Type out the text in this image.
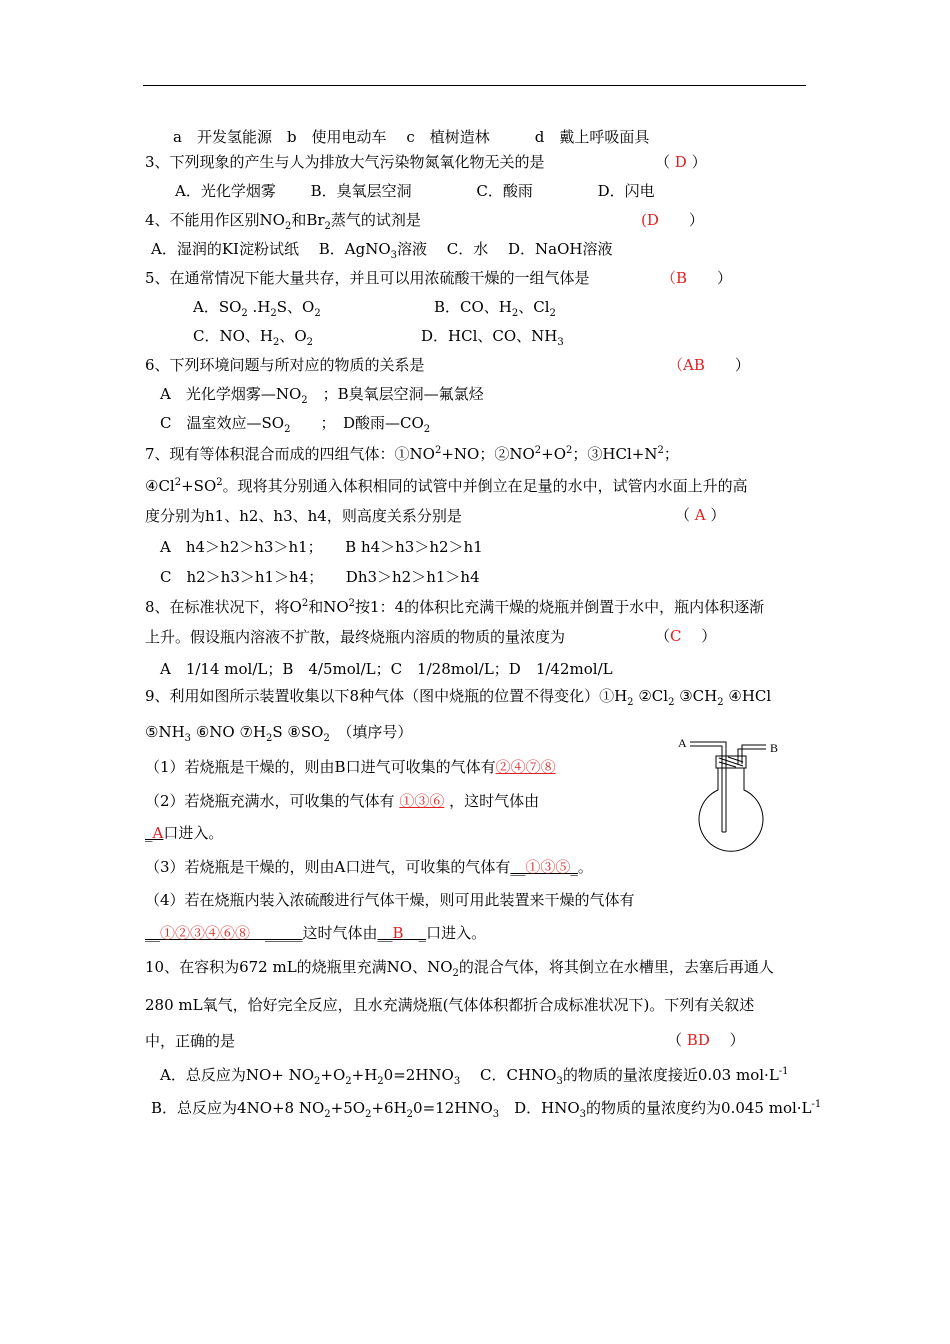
a　开发氢能源　b　使用电动车　 c　植树造林　　　d　戴上呼吸面具
3、下列现象的产生与人为排放大气污染物氮氧化物无关的是	（ D ）
A．光化学烟雾　　 B．臭氧层空洞　　　　 C．酸雨　　　　 D．闪电
4、不能用作区别$NO_2$和$Br_2$蒸气的试剂是	(D　　 ）
A．湿润的KI淀粉试纸　 B．AgNO$_3$溶液　 C．水　 D．NaOH溶液
5、在通常情况下能大量共存，并且可以用浓硫酸干燥的一组气体是	（B　　 ）
A．$SO_2$ $.H_2S$、$O_2$	B．CO、$H_2$、$Cl_2$
C．NO、$H_2$、$O_2$	D．HCl、CO、$NH_3$
6、下列环境问题与所对应的物质的关系是	（AB　　 ）
A　光化学烟雾$—NO_2$　；B臭氧层空洞—氟氯烃
C　温室效应$—SO_2$　　；　D酸雨$—CO_2$
7、现有等体积混合而成的四组气体：$①NO^2+NO$；$②NO^2+O^2$；$③HCl+N^2$；
$④Cl^2+SO^2$。现将其分别通入体积相同的试管中并倒立在足量的水中，试管内水面上升的高
度分别为h1、h2、h3、h4，则高度关系分别是	（ A ）
A　h4＞h2＞h3＞h1；　　B h4＞h3＞h2＞h1
C　h2＞h3＞h1＞h4；　　Dh3＞h2＞h1＞h4
8、在标准状况下，将$O^2$和$NO^2$按1：4的体积比充满干燥的烧瓶并倒置于水中，瓶内体积逐渐
上升。假设瓶内溶液不扩散，最终烧瓶内溶质的物质的量浓度为	（C　 ）
A　1/14 mol/L；B　4/5mol/L；C　1/28mol/L；D　1/42mol/L
9、利用如图所示装置收集以下8种气体（图中烧瓶的位置不得变化）$①H_2$ $②Cl_2$ $③CH_2$ ④HCl
$⑤NH_3$ ⑥NO $⑦H_2S$ $⑧SO_2$　（填序号）
（1）若烧瓶是干燥的，则由B口进气可收集的气体有②④⑦⑧
（2）若烧瓶充满水，可收集的气体有 ①③⑥ ，这时气体由
_A口进入。
（3）若烧瓶是干燥的，则由A口进气，可收集的气体有__①③⑤_。
（4）若在烧瓶内装入浓硫酸进行气体干燥，则可用此装置来干燥的气体有
__①②③④⑥⑧　_____这时气体由__B　_口进入。
A	B
10、在容积为672 mL的烧瓶里充满NO、$NO_2$的混合气体，将其倒立在水槽里，去塞后再通人
280 mL氧气，恰好完全反应，且水充满烧瓶(气体体积都折合成标准状况下)。下列有关叙述
中，正确的是	（ BD　 ）
A．总反应为$NO+ NO_2+O_2+H_20=2HNO_3$　 C．$CHNO_3$的物质的量浓度接近0.03 $mol\cdot L^{-1}$
B．总反应为4NO+8 $NO_2+5O_2+6H_20=12HNO_3$　D．$HNO_3$的物质的量浓度约为0.045 $mol\cdot L^{-1}$
